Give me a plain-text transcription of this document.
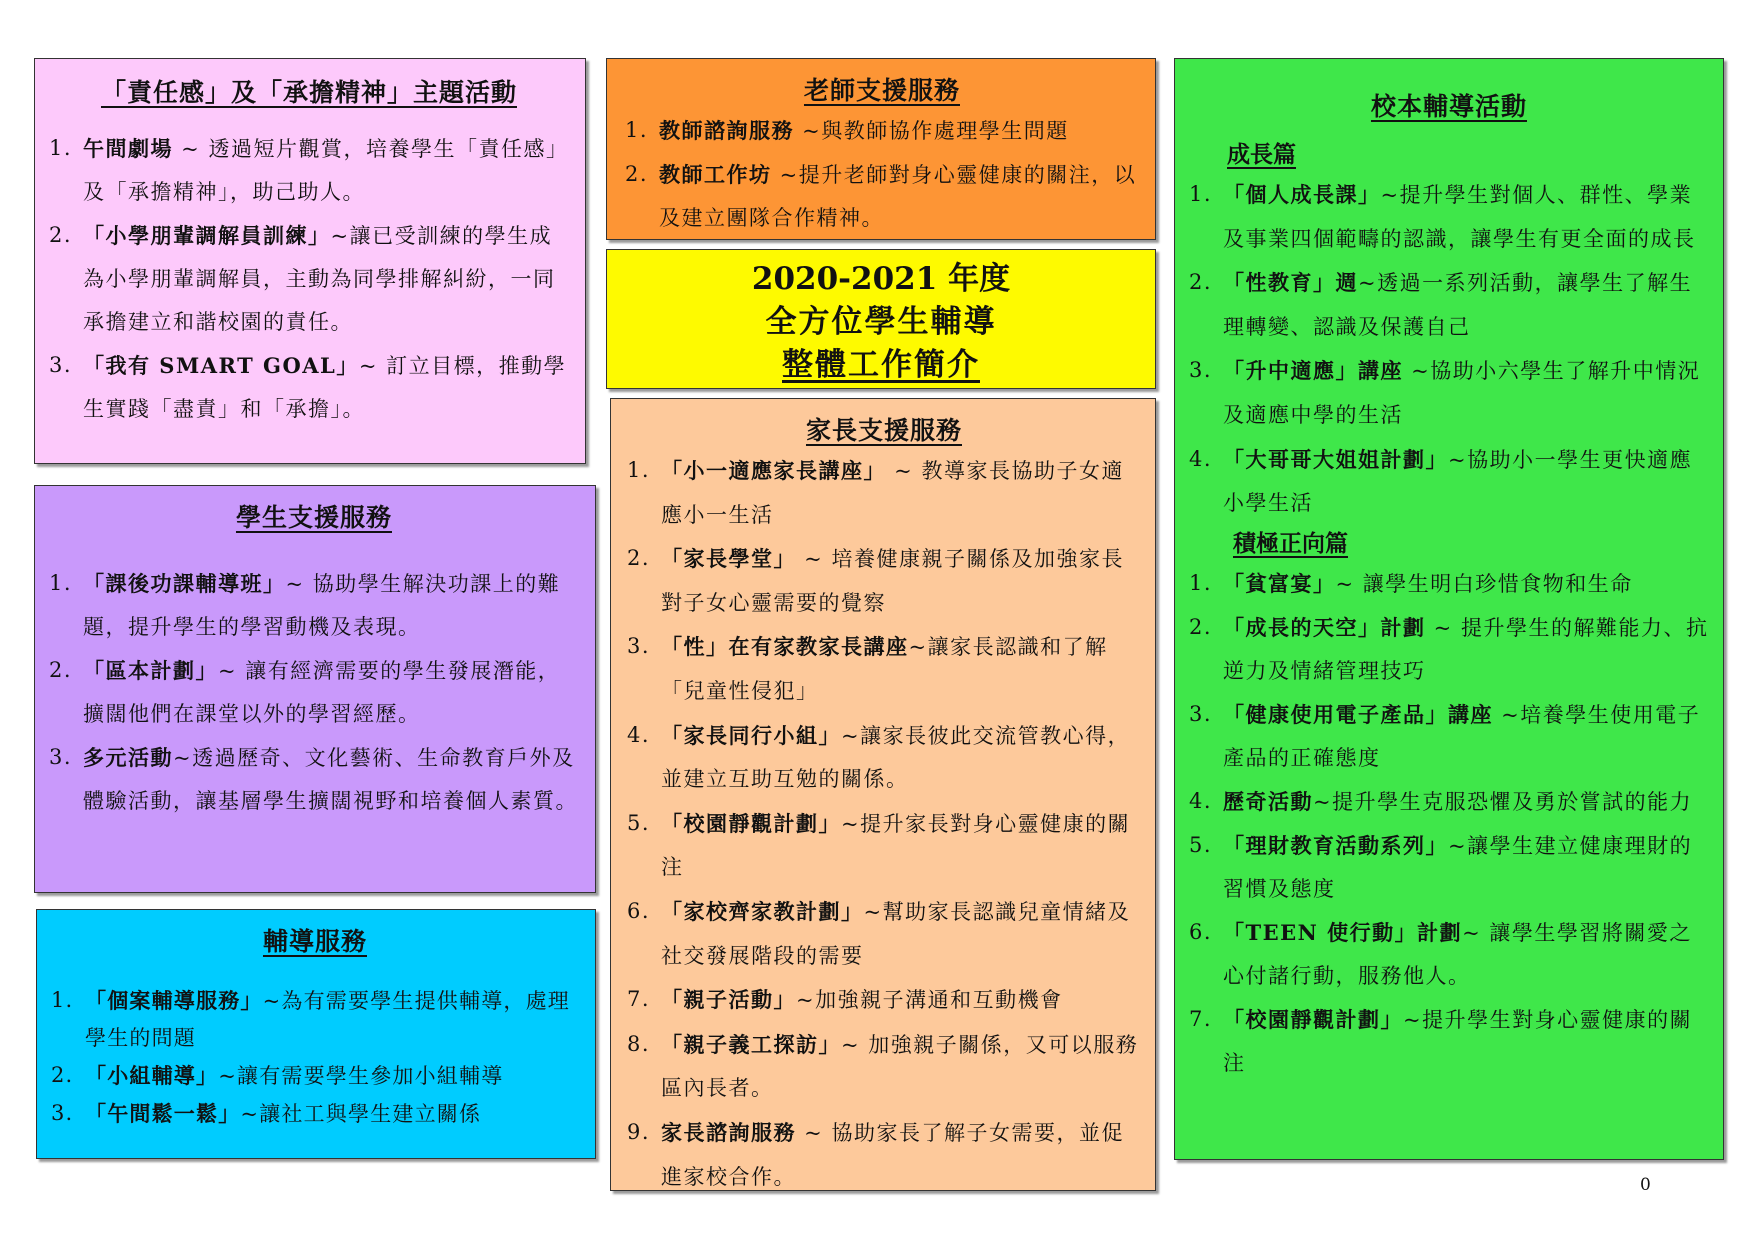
「責任感」及「承擔精神」主題活動
1. 午間劇場 ~ 透過短片觀賞，培養學生「責任感」及「承擔精神」，助己助人。
2. 「小學朋輩調解員訓練」~讓已受訓練的學生成為小學朋輩調解員，主動為同學排解糾紛，一同承擔建立和諧校園的責任。
3. 「我有 SMART GOAL」~ 訂立目標，推動學生實踐「盡責」和「承擔」。
老師支援服務
1. 教師諮詢服務 ~與教師協作處理學生問題
2. 教師工作坊 ~提升老師對身心靈健康的關注，以及建立團隊合作精神。
2020-2021 年度
全方位學生輔導
整體工作簡介
學生支援服務
1. 「課後功課輔導班」~ 協助學生解決功課上的難題，提升學生的學習動機及表現。
2. 「區本計劃」~ 讓有經濟需要的學生發展潛能，擴闊他們在課堂以外的學習經歷。
3. 多元活動~透過歷奇、文化藝術、生命教育戶外及體驗活動，讓基層學生擴闊視野和培養個人素質。
輔導服務
1. 「個案輔導服務」~為有需要學生提供輔導，處理學生的問題
2. 「小組輔導」~讓有需要學生參加小組輔導
3. 「午間鬆一鬆」~讓社工與學生建立關係
家長支援服務
1. 「小一適應家長講座」 ~ 教導家長協助子女適應小一生活
2. 「家長學堂」 ~ 培養健康親子關係及加強家長對子女心靈需要的覺察
3. 「性」在有家教家長講座~讓家長認識和了解「兒童性侵犯」
4. 「家長同行小組」~讓家長彼此交流管教心得，並建立互助互勉的關係。
5. 「校園靜觀計劃」~提升家長對身心靈健康的關注
6. 「家校齊家教計劃」~幫助家長認識兒童情緒及社交發展階段的需要
7. 「親子活動」~加強親子溝通和互動機會
8. 「親子義工探訪」~ 加強親子關係，又可以服務區內長者。
9. 家長諮詢服務 ~ 協助家長了解子女需要，並促進家校合作。
校本輔導活動
成長篇
1. 「個人成長課」~提升學生對個人、群性、學業及事業四個範疇的認識，讓學生有更全面的成長
2. 「性教育」週~透過一系列活動，讓學生了解生理轉變、認識及保護自己
3. 「升中適應」講座 ~協助小六學生了解升中情況及適應中學的生活
4. 「大哥哥大姐姐計劃」~協助小一學生更快適應小學生活
積極正向篇
1. 「貧富宴」~ 讓學生明白珍惜食物和生命
2. 「成長的天空」計劃 ~ 提升學生的解難能力、抗逆力及情緒管理技巧
3. 「健康使用電子產品」講座 ~培養學生使用電子產品的正確態度
4. 歷奇活動~提升學生克服恐懼及勇於嘗試的能力
5. 「理財教育活動系列」~讓學生建立健康理財的習慣及態度
6. 「TEEN 使行動」計劃~ 讓學生學習將關愛之心付諸行動，服務他人。
7. 「校園靜觀計劃」~提升學生對身心靈健康的關注
0
